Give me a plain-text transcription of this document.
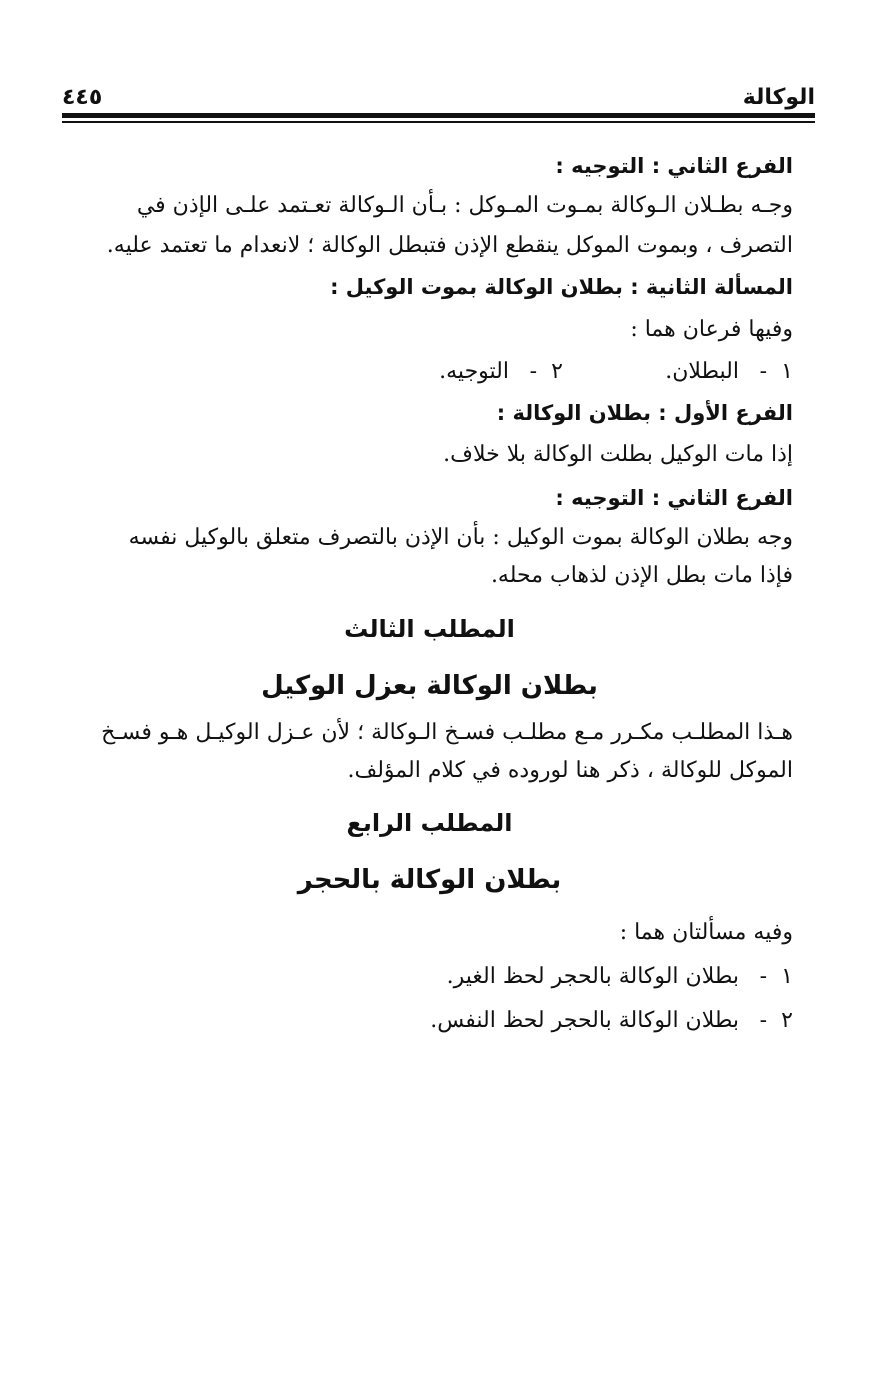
الوكالة
٤٤٥

الفرع الثاني : التوجيه :

وجـه بطـلان الـوكالة بمـوت المـوكل : بـأن الـوكالة تعـتمد علـى الإذن في

التصرف ، وبموت الموكل ينقطع الإذن فتبطل الوكالة ؛ لانعدام ما تعتمد عليه.

المسألة الثانية : بطلان الوكالة بموت الوكيل :

وفيها فرعان هما :

١
-
البطلان.
٢
-
التوجيه.

الفرع الأول : بطلان الوكالة :

إذا مات الوكيل بطلت الوكالة بلا خلاف.

الفرع الثاني : التوجيه :

وجه بطلان الوكالة بموت الوكيل : بأن الإذن بالتصرف متعلق بالوكيل نفسه

فإذا مات بطل الإذن لذهاب محله.

المطلب الثالث

بطلان الوكالة بعزل الوكيل

هـذا المطلـب مكـرر مـع مطلـب فسـخ الـوكالة ؛ لأن عـزل الوكيـل هـو فسـخ

الموكل للوكالة ، ذكر هنا لوروده في كلام المؤلف.

المطلب الرابع

بطلان الوكالة بالحجر

وفيه مسألتان هما :

١
-
بطلان الوكالة بالحجر لحظ الغير.
٢
-
بطلان الوكالة بالحجر لحظ النفس.
